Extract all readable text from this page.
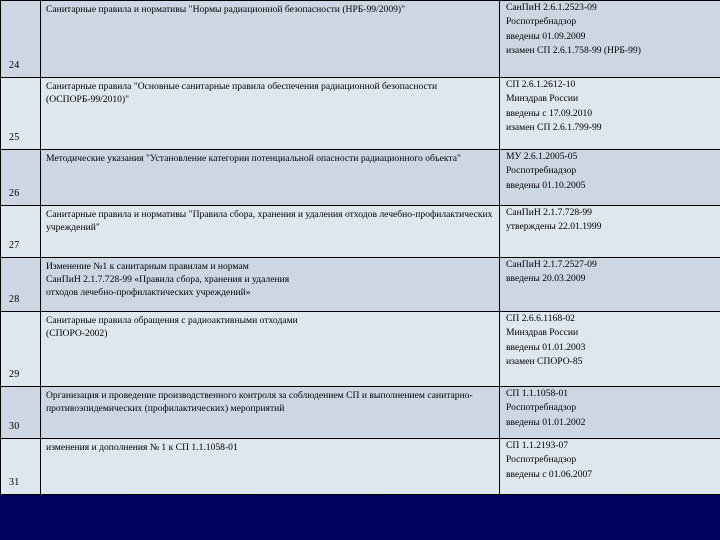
24	Санитарные правила и нормативы "Нормы радиационной безопасности (НРБ-99/2009)"	СанПиН 2.6.1.2523-09
Роспотребнадзор
введены 01.09.2009
изамен СП 2.6.1.758-99 (НРБ-99)

25	Санитарные правила "Основные санитарные правила обеспечения радиационной безопасности (ОСПОРБ-99/2010)"	СП 2.6.1.2612-10
Минздрав России
введены с 17.09.2010
изамен СП 2.6.1.799-99

26	Методические указания "Установление категории потенциальной опасности радиационного объекта"	МУ 2.6.1.2005-05
Роспотребнадзор
введены 01.10.2005

27	Санитарные правила и нормативы "Правила сбора, хранения и удаления отходов лечебно-профилактических учреждений"	СанПиН 2.1.7.728-99
утверждены 22.01.1999

28	Изменение №1 к санитарным правилам и нормам
СанПиН 2.1.7.728-99 «Правила сбора, хранения и удаления
отходов лечебно-профилактических учреждений»	СанПиН 2.1.7.2527-09
введены 20.03.2009

29	Санитарные правила обращения с радиоактивными отходами
(СПОРО-2002)	СП 2.6.6.1168-02
Минздрав России
введены 01.01.2003
изамен СПОРО-85

30	Организация и проведение производственного контроля за соблюдением СП и выполнением санитарно-противоэпидемических (профилактических) мероприятий	СП 1.1.1058-01
Роспотребнадзор
введены 01.01.2002

31	изменения и дополнения № 1 к СП 1.1.1058-01	СП 1.1.2193-07
Роспотребнадзор
введены с 01.06.2007
